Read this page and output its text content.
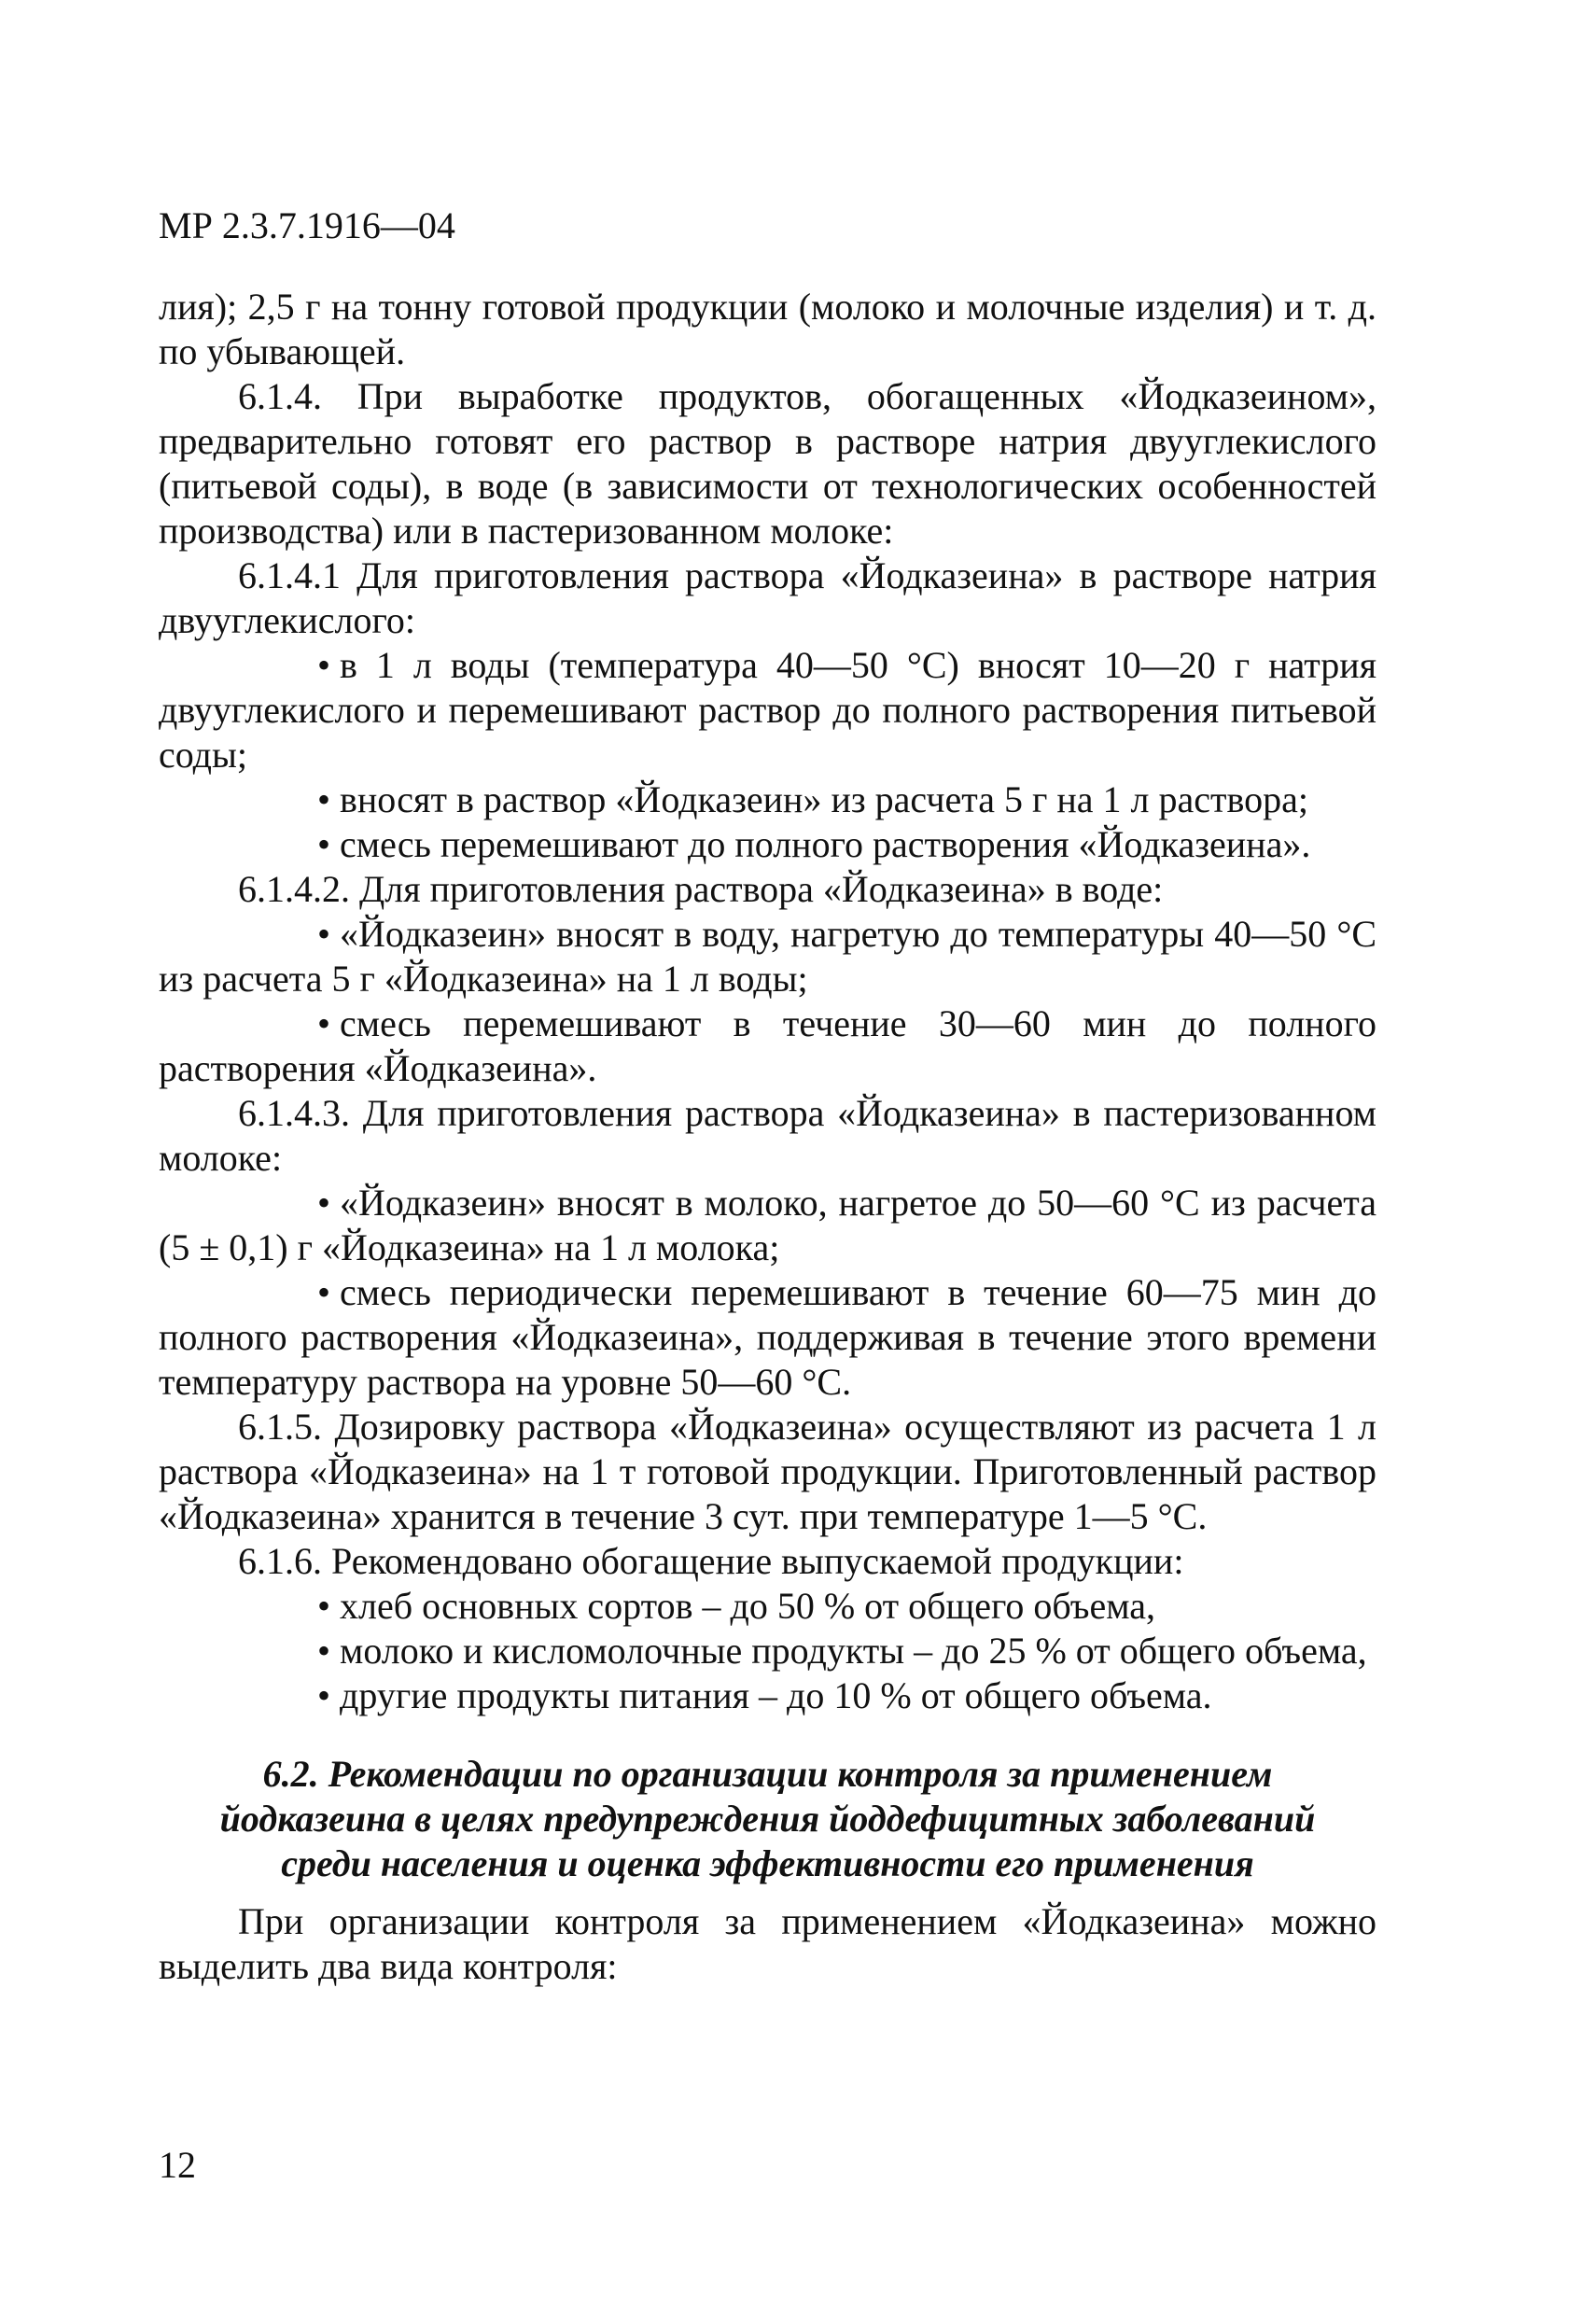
МР 2.3.7.1916—04

лия); 2,5 г на тонну готовой продукции (молоко и молочные изделия) и т. д. по убывающей.

6.1.4. При выработке продуктов, обогащенных «Йодказеином», предварительно готовят его раствор в растворе натрия двууглекислого (питьевой соды), в воде (в зависимости от технологических особенностей производства) или в пастеризованном молоке:

6.1.4.1 Для приготовления раствора «Йодказеина» в растворе натрия двууглекислого:

• в 1 л воды (температура 40—50 °С) вносят 10—20 г натрия двууглекислого и перемешивают раствор до полного растворения питьевой соды;

• вносят в раствор «Йодказеин» из расчета 5 г на 1 л раствора;

• смесь перемешивают до полного растворения «Йодказеина».

6.1.4.2. Для приготовления раствора «Йодказеина» в воде:

• «Йодказеин» вносят в воду, нагретую до температуры 40—50 °С из расчета 5 г «Йодказеина» на 1 л воды;

• смесь перемешивают в течение 30—60 мин до полного растворения «Йодказеина».

6.1.4.3. Для приготовления раствора «Йодказеина» в пастеризованном молоке:

• «Йодказеин» вносят в молоко, нагретое до 50—60 °С из расчета (5 ± 0,1) г «Йодказеина» на 1 л молока;

• смесь периодически перемешивают в течение 60—75 мин до полного растворения «Йодказеина», поддерживая в течение этого времени температуру раствора на уровне 50—60 °С.

6.1.5. Дозировку раствора «Йодказеина» осуществляют из расчета 1 л раствора «Йодказеина» на 1 т готовой продукции. Приготовленный раствор «Йодказеина» хранится в течение 3 сут. при температуре 1—5 °С.

6.1.6. Рекомендовано обогащение выпускаемой продукции:

• хлеб основных сортов – до 50 % от общего объема,

• молоко и кисломолочные продукты – до 25 % от общего объема,

• другие продукты питания – до 10 % от общего объема.

6.2. Рекомендации по организации контроля за применением
йодказеина в целях предупреждения йоддефицитных заболеваний
среди населения и оценка эффективности его применения

При организации контроля за применением «Йодказеина» можно выделить два вида контроля:

12
